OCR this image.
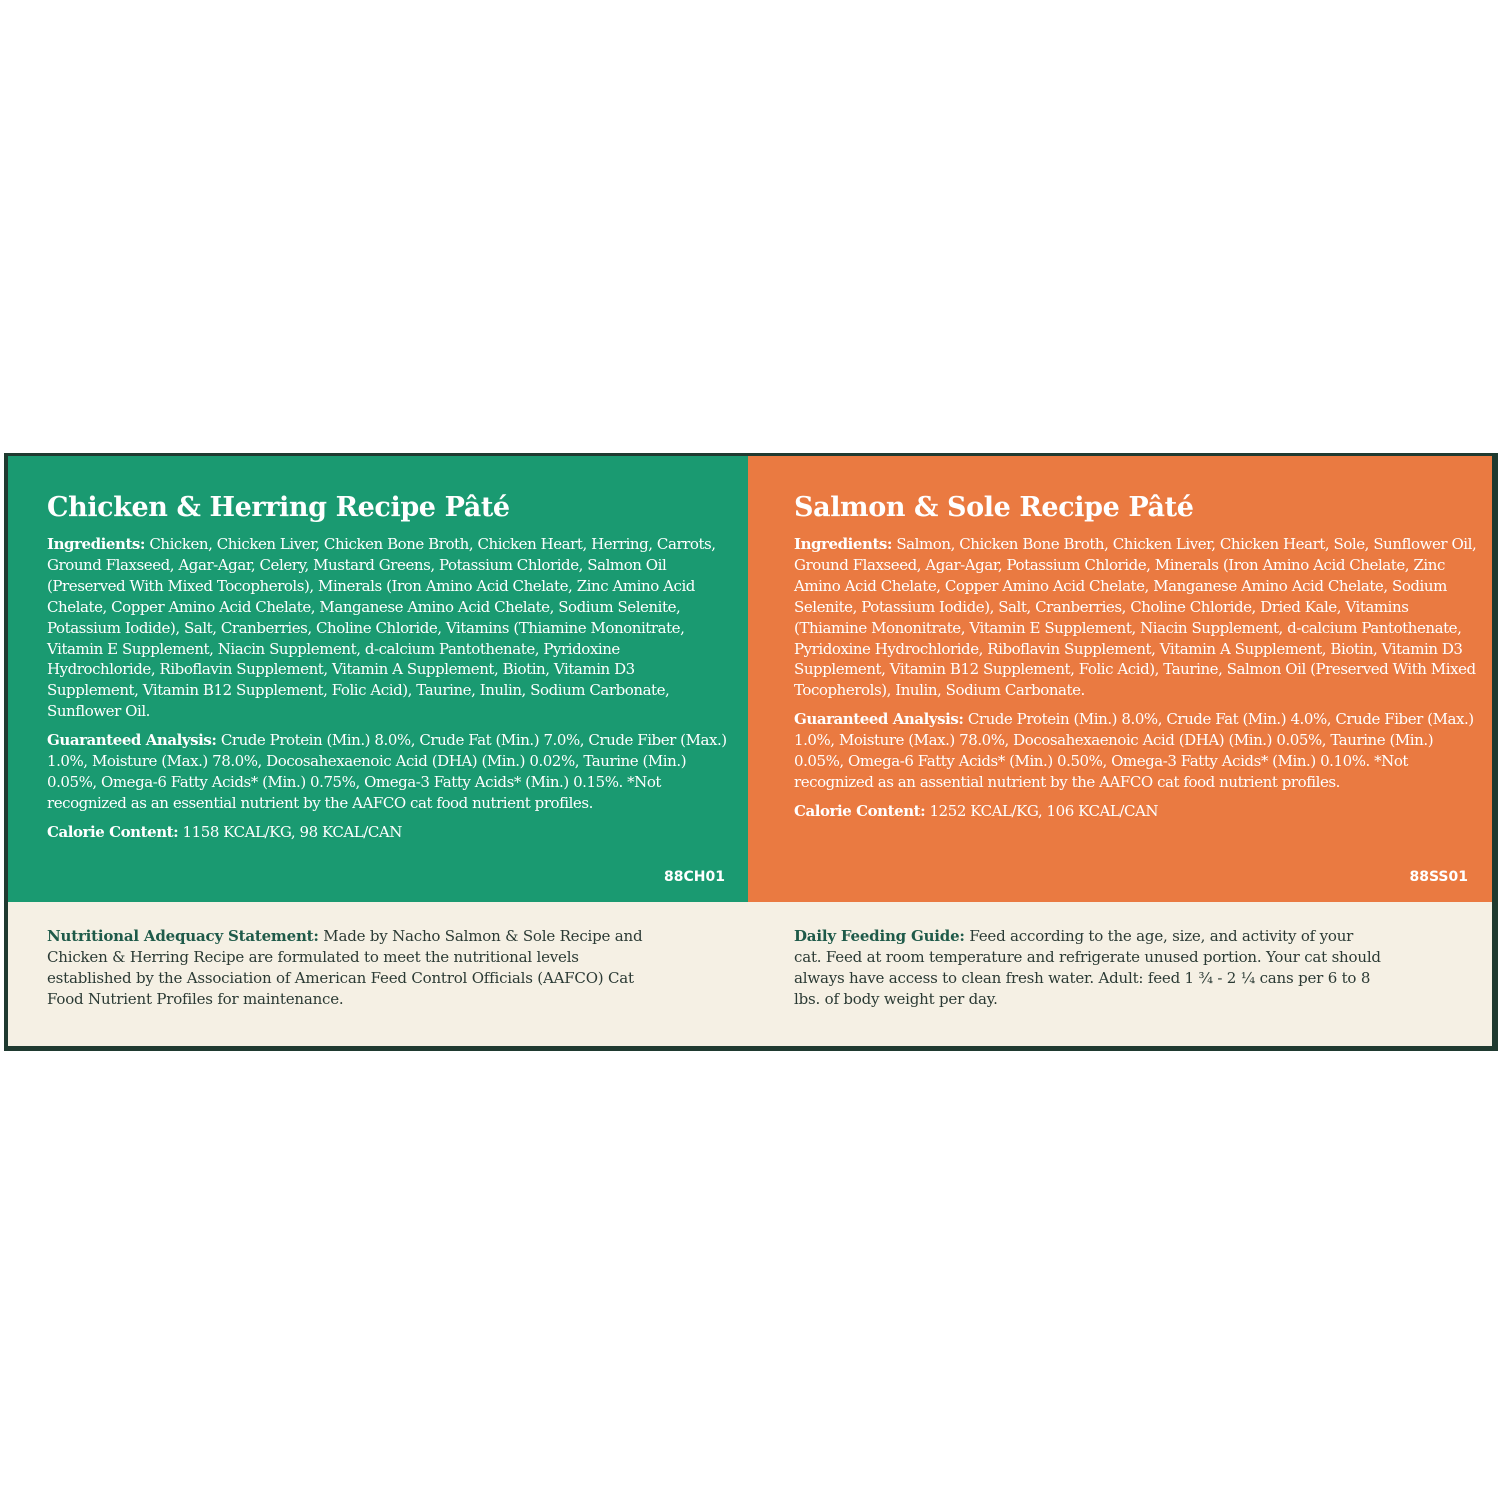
Chicken & Herring Recipe Pâté

Ingredients: Chicken, Chicken Liver, Chicken Bone Broth, Chicken Heart, Herring, Carrots, Ground Flaxseed, Agar-Agar, Celery, Mustard Greens, Potassium Chloride, Salmon Oil (Preserved With Mixed Tocopherols), Minerals (Iron Amino Acid Chelate, Zinc Amino Acid Chelate, Copper Amino Acid Chelate, Manganese Amino Acid Chelate, Sodium Selenite, Potassium Iodide), Salt, Cranberries, Choline Chloride, Vitamins (Thiamine Mononitrate, Vitamin E Supplement, Niacin Supplement, d-calcium Pantothenate, Pyridoxine Hydrochloride, Riboflavin Supplement, Vitamin A Supplement, Biotin, Vitamin D3 Supplement, Vitamin B12 Supplement, Folic Acid), Taurine, Inulin, Sodium Carbonate, Sunflower Oil.

Guaranteed Analysis: Crude Protein (Min.) 8.0%, Crude Fat (Min.) 7.0%, Crude Fiber (Max.) 1.0%, Moisture (Max.) 78.0%, Docosahexaenoic Acid (DHA) (Min.) 0.02%, Taurine (Min.) 0.05%, Omega-6 Fatty Acids* (Min.) 0.75%, Omega-3 Fatty Acids* (Min.) 0.15%. *Not recognized as an essential nutrient by the AAFCO cat food nutrient profiles.

Calorie Content: 1158 KCAL/KG, 98 KCAL/CAN

88CH01
Salmon & Sole Recipe Pâté

Ingredients: Salmon, Chicken Bone Broth, Chicken Liver, Chicken Heart, Sole, Sunflower Oil, Ground Flaxseed, Agar-Agar, Potassium Chloride, Minerals (Iron Amino Acid Chelate, Zinc Amino Acid Chelate, Copper Amino Acid Chelate, Manganese Amino Acid Chelate, Sodium Selenite, Potassium Iodide), Salt, Cranberries, Choline Chloride, Dried Kale, Vitamins (Thiamine Mononitrate, Vitamin E Supplement, Niacin Supplement, d-calcium Pantothenate, Pyridoxine Hydrochloride, Riboflavin Supplement, Vitamin A Supplement, Biotin, Vitamin D3 Supplement, Vitamin B12 Supplement, Folic Acid), Taurine, Salmon Oil (Preserved With Mixed Tocopherols), Inulin, Sodium Carbonate.

Guaranteed Analysis: Crude Protein (Min.) 8.0%, Crude Fat (Min.) 4.0%, Crude Fiber (Max.) 1.0%, Moisture (Max.) 78.0%, Docosahexaenoic Acid (DHA) (Min.) 0.05%, Taurine (Min.) 0.05%, Omega-6 Fatty Acids* (Min.) 0.50%, Omega-3 Fatty Acids* (Min.) 0.10%. *Not recognized as an assential nutrient by the AAFCO cat food nutrient profiles.

Calorie Content: 1252 KCAL/KG, 106 KCAL/CAN

88SS01
Nutritional Adequacy Statement: Made by Nacho Salmon & Sole Recipe and Chicken & Herring Recipe are formulated to meet the nutritional levels established by the Association of American Feed Control Officials (AAFCO) Cat Food Nutrient Profiles for maintenance.
Daily Feeding Guide: Feed according to the age, size, and activity of your cat. Feed at room temperature and refrigerate unused portion. Your cat should always have access to clean fresh water. Adult: feed 1 ¾ - 2 ¼ cans per 6 to 8 lbs. of body weight per day.
